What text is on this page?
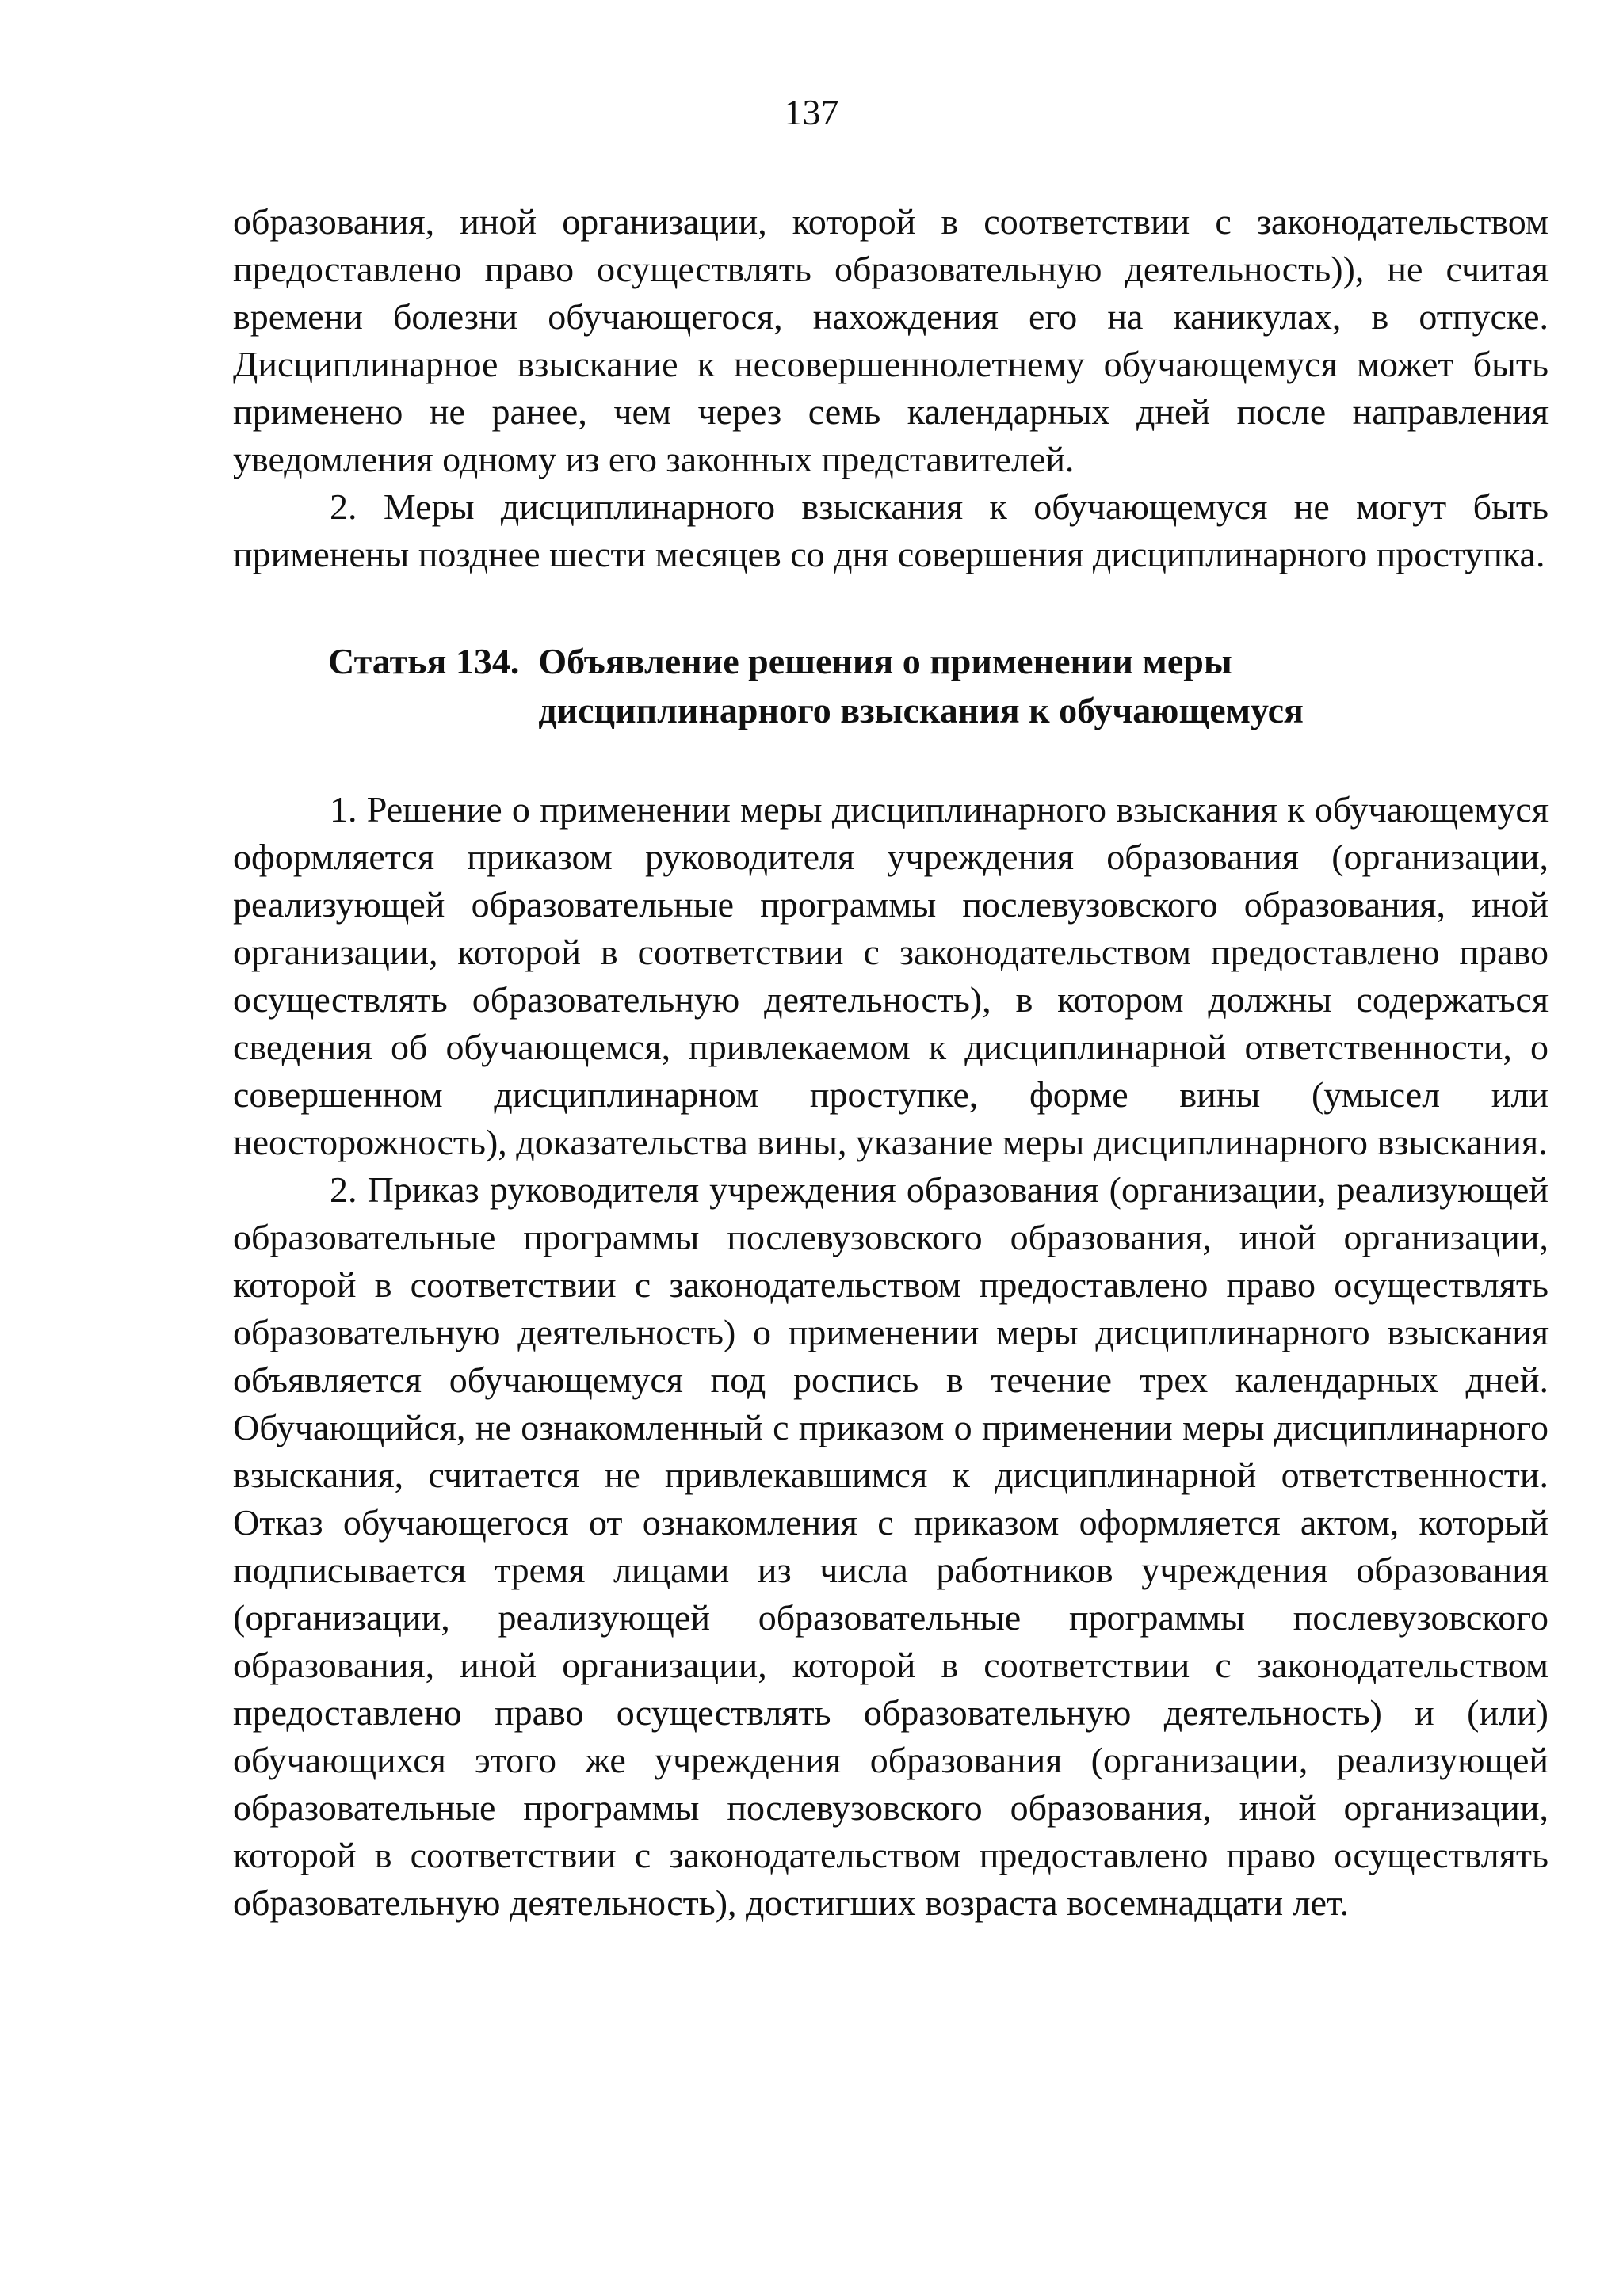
137

образования, иной организации, которой в соответствии с законодательством предоставлено право осуществлять образовательную деятельность)), не считая времени болезни обучающегося, нахождения его на каникулах, в отпуске. Дисциплинарное взыскание к несовершеннолетнему обучающемуся может быть применено не ранее, чем через семь календарных дней после направления уведомления одному из его законных представителей.

2. Меры дисциплинарного взыскания к обучающемуся не могут быть применены позднее шести месяцев со дня совершения дисциплинарного проступка.

Статья 134. Объявление решения о применении меры
дисциплинарного взыскания к обучающемуся

1. Решение о применении меры дисциплинарного взыскания к обучающемуся оформляется приказом руководителя учреждения образования (организации, реализующей образовательные программы послевузовского образования, иной организации, которой в соответствии с законодательством предоставлено право осуществлять образовательную деятельность), в котором должны содержаться сведения об обучающемся, привлекаемом к дисциплинарной ответственности, о совершенном дисциплинарном проступке, форме вины (умысел или неосторожность), доказательства вины, указание меры дисциплинарного взыскания.

2. Приказ руководителя учреждения образования (организации, реализующей образовательные программы послевузовского образования, иной организации, которой в соответствии с законодательством предоставлено право осуществлять образовательную деятельность) о применении меры дисциплинарного взыскания объявляется обучающемуся под роспись в течение трех календарных дней. Обучающийся, не ознакомленный с приказом о применении меры дисциплинарного взыскания, считается не привлекавшимся к дисциплинарной ответственности. Отказ обучающегося от ознакомления с приказом оформляется актом, который подписывается тремя лицами из числа работников учреждения образования (организации, реализующей образовательные программы послевузовского образования, иной организации, которой в соответствии с законодательством предоставлено право осуществлять образовательную деятельность) и (или) обучающихся этого же учреждения образования (организации, реализующей образовательные программы послевузовского образования, иной организации, которой в соответствии с законодательством предоставлено право осуществлять образовательную деятельность), достигших возраста восемнадцати лет.
